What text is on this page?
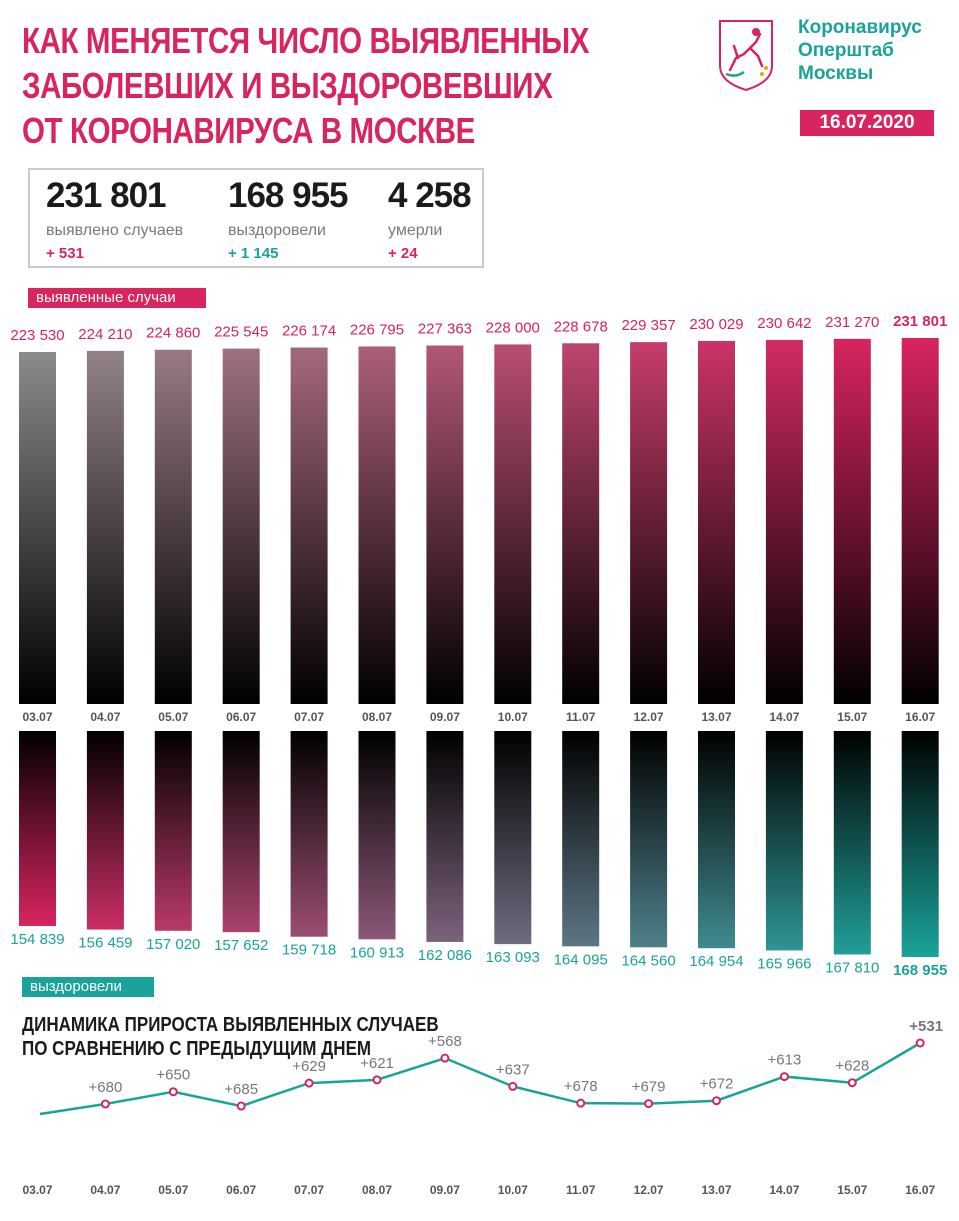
КАК МЕНЯЕТСЯ ЧИСЛО ВЫЯВЛЕННЫХ
ЗАБОЛЕВШИХ И ВЫЗДОРОВЕВШИХ
ОТ КОРОНАВИРУСА В МОСКВЕ
Коронавирус
Оперштаб
Москвы
16.07.2020
231 801
выявлено случаев
+ 531
168 955
выздоровели
+ 1 145
4 258
умерли
+ 24
выявленные случаи
выздоровели
ДИНАМИКА ПРИРОСТА ВЫЯВЛЕННЫХ СЛУЧАЕВ
ПО СРАВНЕНИЮ С ПРЕДЫДУЩИМ ДНЕМ
223 530
03.07
224 210
04.07
224 860
05.07
225 545
06.07
226 174
07.07
226 795
08.07
227 363
09.07
228 000
10.07
228 678
11.07
229 357
12.07
230 029
13.07
230 642
14.07
231 270
15.07
231 801
16.07
154 839 156 459 157 020 157 652 159 718 160 913 162 086 163 093 164 095 164 560 164 954 165 966 167 810 168 955
+680
+650
+685
+629 +621
+568
+637
+678 +679 +672
+613 +628
+531
03.07	04.07	05.07	06.07	07.07	08.07	09.07	10.07	11.07	12.07	13.07	14.07	15.07	16.07
